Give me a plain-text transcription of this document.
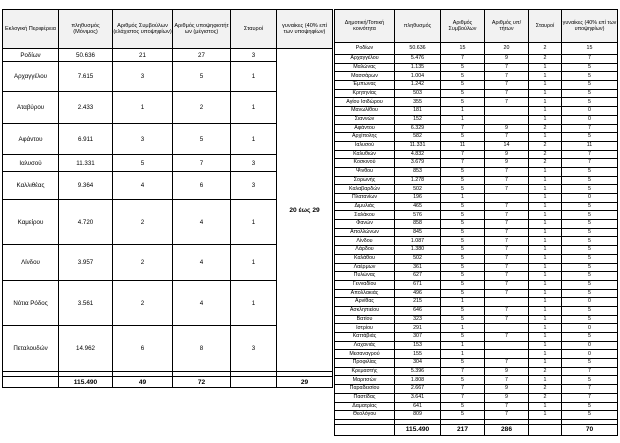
Εκλογική Περιφέρεια	πληθυσμός (Μόνιμος)	Αριθμός Συμβούλων (ελάχιστος υποψηφίων)	Αριθμός υποψηφιοτήτ ων (μέγιστος)	Σταυροί	γυναίκες (40% επί των υποψηφίων)
Ροδίων	50.636	21	27	3	20 έως 29
Αρχαγγέλου	7.615	3	5	1	
Αταβύρου	2.433	1	2	1	
Αφάντου	6.911	3	5	1	
Ιαλυσού	11.331	5	7	3	
Καλλιθέας	9.364	4	6	3	
Καμείρου	4.720	2	4	1	
Λίνδου	3.957	2	4	1	
Νότια Ρόδος	3.561	2	4	1	
Πεταλουδών	14.962	6	8	3	

	115.490	49	72		29
Δημοτική/Τοπική κοινότητα	πληθυσμός	Αριθμός Συμβούλων	Αριθμός υπ/τήτων	Σταυροί	γυναίκες (40% επί των υποψηφίων)
Ροδίων	50.636	15	20	2	15
Αρχαγγέλου	5.476	7	9	2	7
Μαλώνας	1.135	5	7	1	5
Μασσάρων	1.004	5	7	1	5
Έμπωνας	1.242	5	7	1	5
Κρητηνίας	503	5	7	1	5
Αγίου Ισιδώρου	355	5	7	1	5
Μανωλίθου	181	1		1	0
Σιαννών	152	1		1	0
Αφάντου	6.329	7	9	2	7
Αρχίπολης	582	5	7	1	5
Ιαλυσού	11.331	11	14	2	11
Καλυθιών	4.832	7	9	2	7
Κοσκινού	3.679	7	9	2	7
Ψινθου	853	5	7	1	5
Σορωνής	1.278	5	7	1	5
Καλαβαρδών	502	5	7	1	5
Πλατανίων	196	1		1	0
Διμυλιάς	465	5	7	1	5
Σαλάκου	576	5	7	1	5
Φανών	858	5	7	1	5
Απολλώνων	845	5	7	1	5
Λίνδου	1.087	5	7	1	5
Λάρδου	1.380	5	7	1	5
Καλάθου	502	5	7	1	5
Λαέρμων	361	5	7	1	5
Πυλώνας	627	5	7	1	5
Γενναδίου	671	5	7	1	5
Απολλακιάς	496	5	7	1	5
Αρνίθας	215	1		1	0
Ασκληπιείου	646	5	7	1	5
Βατίου	323	5	7	1	5
Ιστρίου	291	1		1	0
Καττάβιάς	307	5	7	1	5
Λαχανιάς	153	1		1	0
Μεσαναγρού	155	1		1	0
Προφιλίας	304	5	7	1	5
Κρεμαστής	5.396	7	9	2	7
Μαριτσών	1.808	5	7	1	5
Παραδεισίου	2.667	7	9	2	7
Παστίδας	3.641	7	9	2	7
Δαματρίας	641	5	7	1	5
Θεολόγου	809	5	7	1	5

	115.490	217	286		70
